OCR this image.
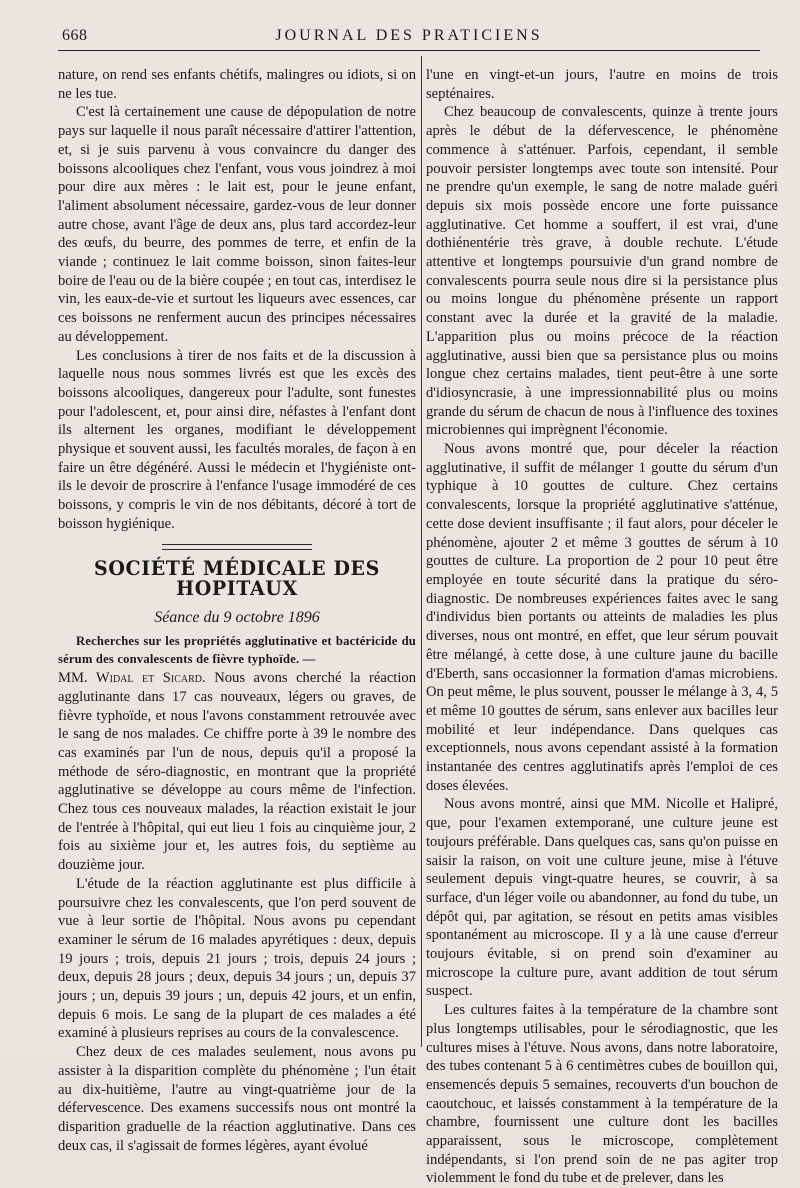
668	JOURNAL DES PRATICIENS

nature, on rend ses enfants chétifs, malingres ou idiots, si on ne les tue.

C'est là certainement une cause de dépopulation de notre pays sur laquelle il nous paraît nécessaire d'attirer l'attention, et, si je suis parvenu à vous convaincre du danger des boissons alcooliques chez l'enfant, vous vous joindrez à moi pour dire aux mères : le lait est, pour le jeune enfant, l'aliment absolument nécessaire, gardez-vous de leur donner autre chose, avant l'âge de deux ans, plus tard accordez-leur des œufs, du beurre, des pommes de terre, et enfin de la viande ; continuez le lait comme boisson, sinon faites-leur boire de l'eau ou de la bière coupée ; en tout cas, interdisez le vin, les eaux-de-vie et surtout les liqueurs avec essences, car ces boissons ne renferment aucun des principes nécessaires au développement.

Les conclusions à tirer de nos faits et de la discussion à laquelle nous nous sommes livrés est que les excès des boissons alcooliques, dangereux pour l'adulte, sont funestes pour l'adolescent, et, pour ainsi dire, néfastes à l'enfant dont ils alternent les organes, modifiant le développement physique et souvent aussi, les facultés morales, de façon à en faire un être dégénéré. Aussi le médecin et l'hygiéniste ont-ils le devoir de proscrire à l'enfance l'usage immodéré de ces boissons, y compris le vin de nos débitants, décoré à tort de boisson hygiénique.

SOCIÉTÉ MÉDICALE DES HOPITAUX
Séance du 9 octobre 1896

Recherches sur les propriétés agglutinative et bactéricide du sérum des convalescents de fièvre typhoïde. —

MM. Widal et Sicard. Nous avons cherché la réaction agglutinante dans 17 cas nouveaux, légers ou graves, de fièvre typhoïde, et nous l'avons constamment retrouvée avec le sang de nos malades. Ce chiffre porte à 39 le nombre des cas examinés par l'un de nous, depuis qu'il a proposé la méthode de séro-diagnostic, en montrant que la propriété agglutinative se développe au cours même de l'infection. Chez tous ces nouveaux malades, la réaction existait le jour de l'entrée à l'hôpital, qui eut lieu 1 fois au cinquième jour, 2 fois au sixième jour et, les autres fois, du septième au douzième jour.

L'étude de la réaction agglutinante est plus difficile à poursuivre chez les convalescents, que l'on perd souvent de vue à leur sortie de l'hôpital. Nous avons pu cependant examiner le sérum de 16 malades apyrétiques : deux, depuis 19 jours ; trois, depuis 21 jours ; trois, depuis 24 jours ; deux, depuis 28 jours ; deux, depuis 34 jours ; un, depuis 37 jours ; un, depuis 39 jours ; un, depuis 42 jours, et un enfin, depuis 6 mois. Le sang de la plupart de ces malades a été examiné à plusieurs reprises au cours de la convalescence.

Chez deux de ces malades seulement, nous avons pu assister à la disparition complète du phénomène ; l'un était au dix-huitième, l'autre au vingt-quatrième jour de la défervescence. Des examens successifs nous ont montré la disparition graduelle de la réaction agglutinative. Dans ces deux cas, il s'agissait de formes légères, ayant évolué

l'une en vingt-et-un jours, l'autre en moins de trois septénaires.

Chez beaucoup de convalescents, quinze à trente jours après le début de la défervescence, le phénomène commence à s'atténuer. Parfois, cependant, il semble pouvoir persister longtemps avec toute son intensité. Pour ne prendre qu'un exemple, le sang de notre malade guéri depuis six mois possède encore une forte puissance agglutinative. Cet homme a souffert, il est vrai, d'une dothiénentérie très grave, à double rechute. L'étude attentive et longtemps poursuivie d'un grand nombre de convalescents pourra seule nous dire si la persistance plus ou moins longue du phénomène présente un rapport constant avec la durée et la gravité de la maladie. L'apparition plus ou moins précoce de la réaction agglutinative, aussi bien que sa persistance plus ou moins longue chez certains malades, tient peut-être à une sorte d'idiosyncrasie, à une impressionnabilité plus ou moins grande du sérum de chacun de nous à l'influence des toxines microbiennes qui imprègnent l'économie.

Nous avons montré que, pour déceler la réaction agglutinative, il suffit de mélanger 1 goutte du sérum d'un typhique à 10 gouttes de culture. Chez certains convalescents, lorsque la propriété agglutinative s'atténue, cette dose devient insuffisante ; il faut alors, pour déceler le phénomène, ajouter 2 et même 3 gouttes de sérum à 10 gouttes de culture. La proportion de 2 pour 10 peut être employée en toute sécurité dans la pratique du séro-diagnostic. De nombreuses expériences faites avec le sang d'individus bien portants ou atteints de maladies les plus diverses, nous ont montré, en effet, que leur sérum pouvait être mélangé, à cette dose, à une culture jaune du bacille d'Eberth, sans occasionner la formation d'amas microbiens. On peut même, le plus souvent, pousser le mélange à 3, 4, 5 et même 10 gouttes de sérum, sans enlever aux bacilles leur mobilité et leur indépendance. Dans quelques cas exceptionnels, nous avons cependant assisté à la formation instantanée des centres agglutinatifs après l'emploi de ces doses élevées.

Nous avons montré, ainsi que MM. Nicolle et Halipré, que, pour l'examen extemporané, une culture jeune est toujours préférable. Dans quelques cas, sans qu'on puisse en saisir la raison, on voit une culture jeune, mise à l'étuve seulement depuis vingt-quatre heures, se couvrir, à sa surface, d'un léger voile ou abandonner, au fond du tube, un dépôt qui, par agitation, se résout en petits amas visibles spontanément au microscope. Il y a là une cause d'erreur toujours évitable, si on prend soin d'examiner au microscope la culture pure, avant addition de tout sérum suspect.

Les cultures faites à la température de la chambre sont plus longtemps utilisables, pour le sérodiagnostic, que les cultures mises à l'étuve. Nous avons, dans notre laboratoire, des tubes contenant 5 à 6 centimètres cubes de bouillon qui, ensemencés depuis 5 semaines, recouverts d'un bouchon de caoutchouc, et laissés constamment à la température de la chambre, fournissent une culture dont les bacilles apparaissent, sous le microscope, complètement indépendants, si l'on prend soin de ne pas agiter trop violemment le fond du tube et de prelever, dans les
